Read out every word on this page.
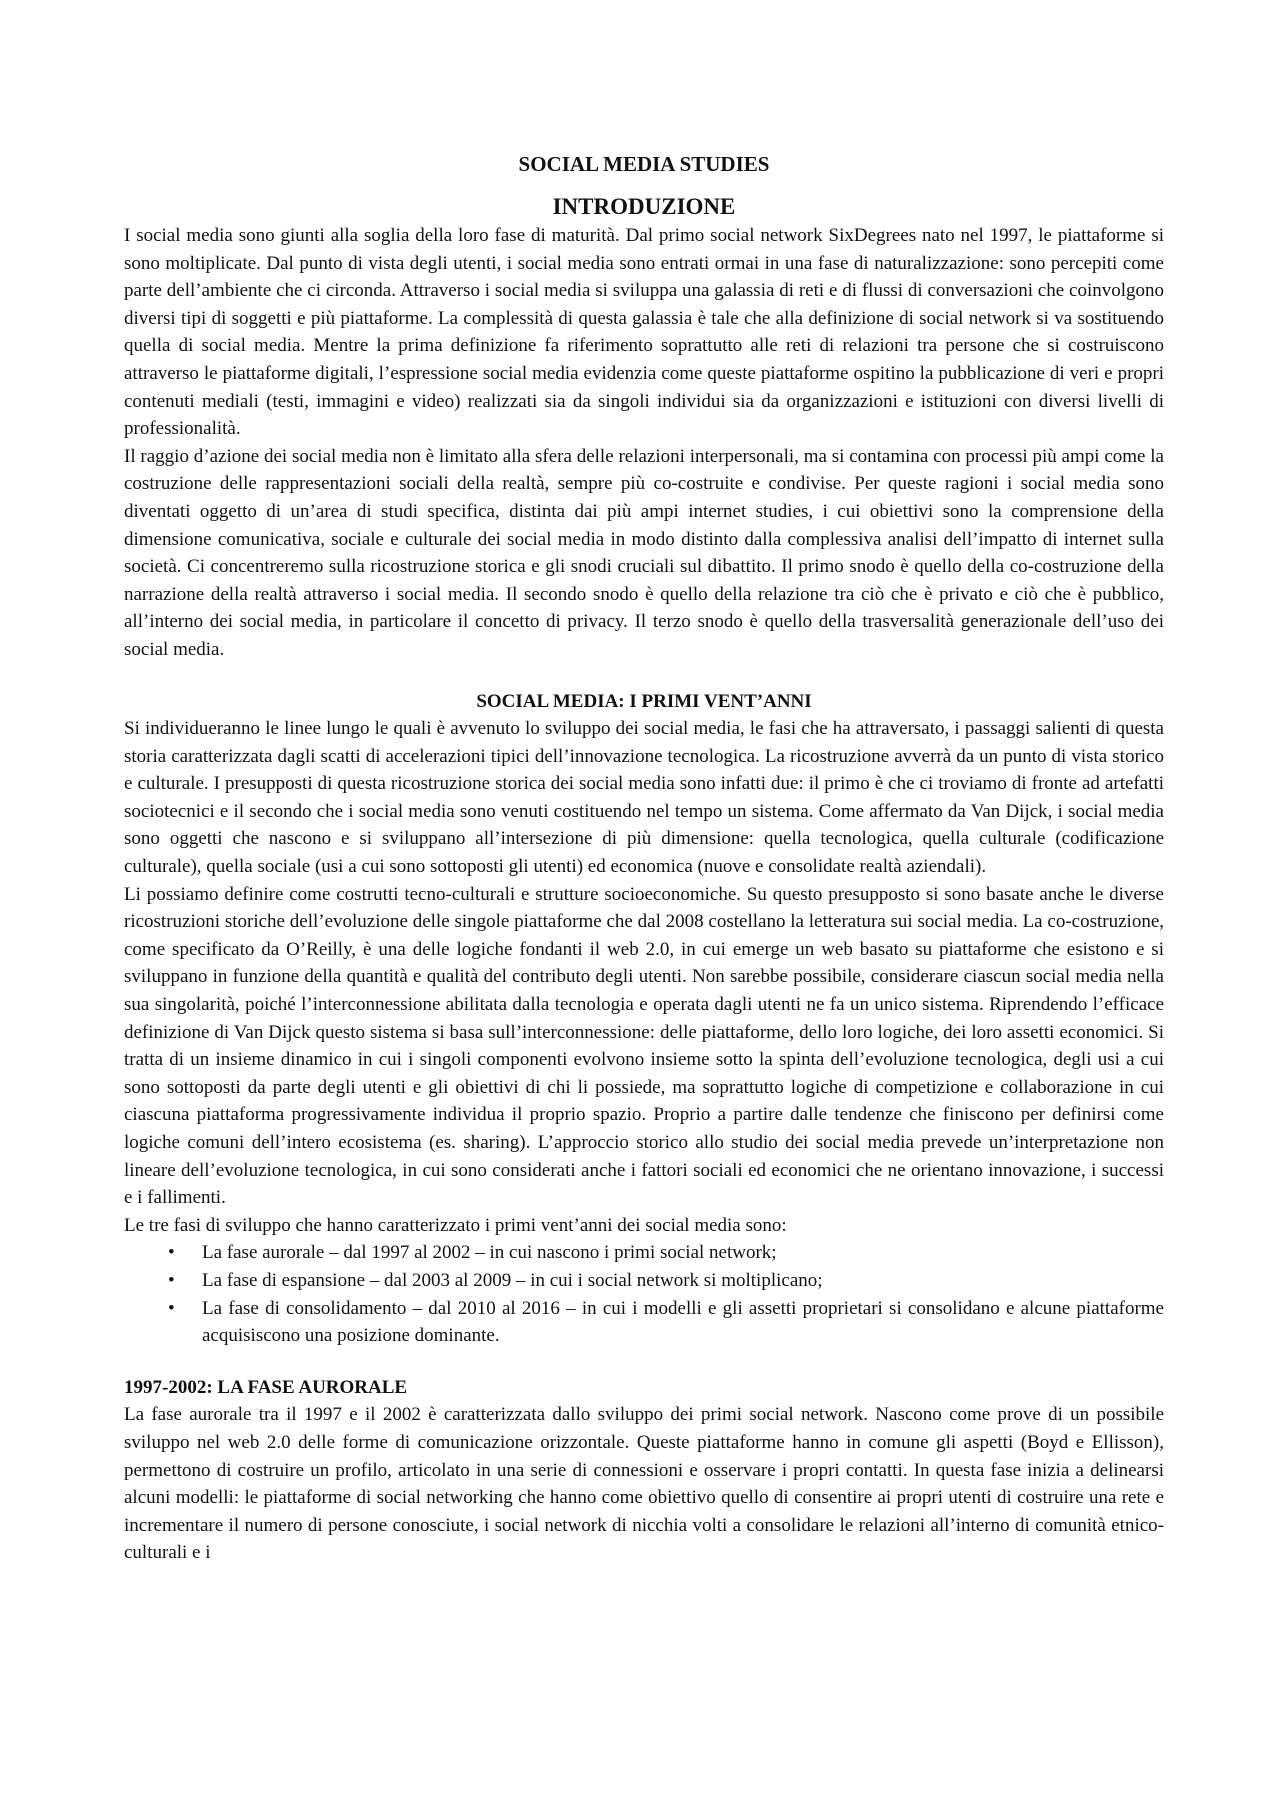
SOCIAL MEDIA STUDIES
INTRODUZIONE

I social media sono giunti alla soglia della loro fase di maturità. Dal primo social network SixDegrees nato nel 1997, le piattaforme si sono moltiplicate. Dal punto di vista degli utenti, i social media sono entrati ormai in una fase di naturalizzazione: sono percepiti come parte dell’ambiente che ci circonda. Attraverso i social media si sviluppa una galassia di reti e di flussi di conversazioni che coinvolgono diversi tipi di soggetti e più piattaforme. La complessità di questa galassia è tale che alla definizione di social network si va sostituendo quella di social media. Mentre la prima definizione fa riferimento soprattutto alle reti di relazioni tra persone che si costruiscono attraverso le piattaforme digitali, l’espressione social media evidenzia come queste piattaforme ospitino la pubblicazione di veri e propri contenuti mediali (testi, immagini e video) realizzati sia da singoli individui sia da organizzazioni e istituzioni con diversi livelli di professionalità.

Il raggio d’azione dei social media non è limitato alla sfera delle relazioni interpersonali, ma si contamina con processi più ampi come la costruzione delle rappresentazioni sociali della realtà, sempre più co-costruite e condivise. Per queste ragioni i social media sono diventati oggetto di un’area di studi specifica, distinta dai più ampi internet studies, i cui obiettivi sono la comprensione della dimensione comunicativa, sociale e culturale dei social media in modo distinto dalla complessiva analisi dell’impatto di internet sulla società. Ci concentreremo sulla ricostruzione storica e gli snodi cruciali sul dibattito. Il primo snodo è quello della co-costruzione della narrazione della realtà attraverso i social media. Il secondo snodo è quello della relazione tra ciò che è privato e ciò che è pubblico, all’interno dei social media, in particolare il concetto di privacy. Il terzo snodo è quello della trasversalità generazionale dell’uso dei social media.

SOCIAL MEDIA: I PRIMI VENT’ANNI

Si individueranno le linee lungo le quali è avvenuto lo sviluppo dei social media, le fasi che ha attraversato, i passaggi salienti di questa storia caratterizzata dagli scatti di accelerazioni tipici dell’innovazione tecnologica. La ricostruzione avverrà da un punto di vista storico e culturale. I presupposti di questa ricostruzione storica dei social media sono infatti due: il primo è che ci troviamo di fronte ad artefatti sociotecnici e il secondo che i social media sono venuti costituendo nel tempo un sistema. Come affermato da Van Dijck, i social media sono oggetti che nascono e si sviluppano all’intersezione di più dimensione: quella tecnologica, quella culturale (codificazione culturale), quella sociale (usi a cui sono sottoposti gli utenti) ed economica (nuove e consolidate realtà aziendali).

Li possiamo definire come costrutti tecno-culturali e strutture socioeconomiche. Su questo presupposto si sono basate anche le diverse ricostruzioni storiche dell’evoluzione delle singole piattaforme che dal 2008 costellano la letteratura sui social media. La co-costruzione, come specificato da O’Reilly, è una delle logiche fondanti il web 2.0, in cui emerge un web basato su piattaforme che esistono e si sviluppano in funzione della quantità e qualità del contributo degli utenti. Non sarebbe possibile, considerare ciascun social media nella sua singolarità, poiché l’interconnessione abilitata dalla tecnologia e operata dagli utenti ne fa un unico sistema. Riprendendo l’efficace definizione di Van Dijck questo sistema si basa sull’interconnessione: delle piattaforme, dello loro logiche, dei loro assetti economici. Si tratta di un insieme dinamico in cui i singoli componenti evolvono insieme sotto la spinta dell’evoluzione tecnologica, degli usi a cui sono sottoposti da parte degli utenti e gli obiettivi di chi li possiede, ma soprattutto logiche di competizione e collaborazione in cui ciascuna piattaforma progressivamente individua il proprio spazio. Proprio a partire dalle tendenze che finiscono per definirsi come logiche comuni dell’intero ecosistema (es. sharing). L’approccio storico allo studio dei social media prevede un’interpretazione non lineare dell’evoluzione tecnologica, in cui sono considerati anche i fattori sociali ed economici che ne orientano innovazione, i successi e i fallimenti.

Le tre fasi di sviluppo che hanno caratterizzato i primi vent’anni dei social media sono:

• La fase aurorale – dal 1997 al 2002 – in cui nascono i primi social network;
• La fase di espansione – dal 2003 al 2009 – in cui i social network si moltiplicano;
• La fase di consolidamento – dal 2010 al 2016 – in cui i modelli e gli assetti proprietari si consolidano e alcune piattaforme acquisiscono una posizione dominante.
1997-2002: LA FASE AURORALE

La fase aurorale tra il 1997 e il 2002 è caratterizzata dallo sviluppo dei primi social network. Nascono come prove di un possibile sviluppo nel web 2.0 delle forme di comunicazione orizzontale. Queste piattaforme hanno in comune gli aspetti (Boyd e Ellisson), permettono di costruire un profilo, articolato in una serie di connessioni e osservare i propri contatti. In questa fase inizia a delinearsi alcuni modelli: le piattaforme di social networking che hanno come obiettivo quello di consentire ai propri utenti di costruire una rete e incrementare il numero di persone conosciute, i social network di nicchia volti a consolidare le relazioni all’interno di comunità etnico-culturali e i
